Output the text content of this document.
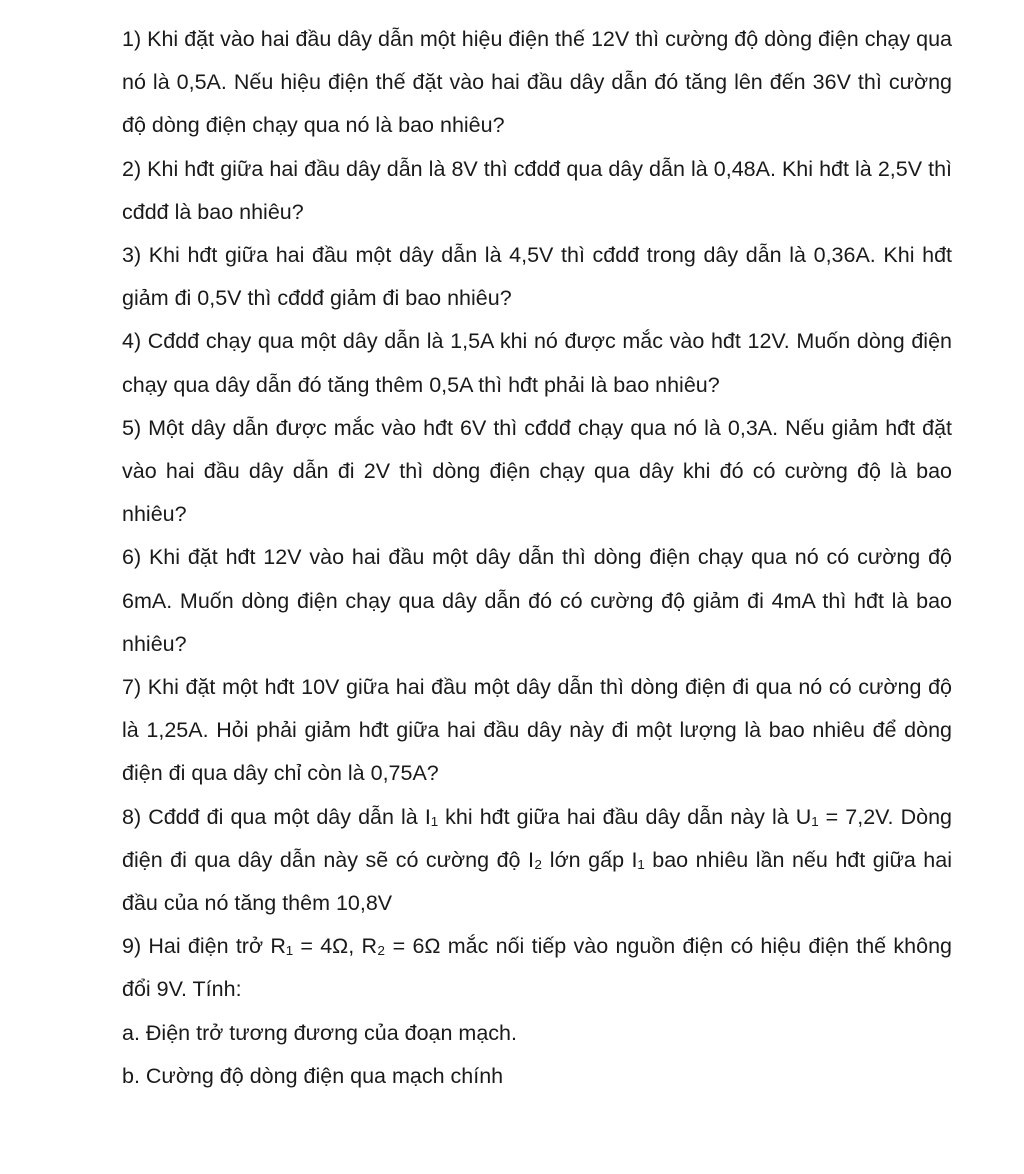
1) Khi đặt vào hai đầu dây dẫn một hiệu điện thế 12V thì cường độ dòng điện chạy qua nó là 0,5A. Nếu hiệu điện thế đặt vào hai đầu dây dẫn đó tăng lên đến 36V thì cường độ dòng điện chạy qua nó là bao nhiêu?

2) Khi hđt giữa hai đầu dây dẫn là 8V thì cđdđ qua dây dẫn là 0,48A. Khi hđt là 2,5V thì cđdđ là bao nhiêu?

3) Khi hđt giữa hai đầu một dây dẫn là 4,5V thì cđdđ trong dây dẫn là 0,36A. Khi hđt giảm đi 0,5V thì cđdđ giảm đi bao nhiêu?

4) Cđdđ chạy qua một dây dẫn là 1,5A khi nó được mắc vào hđt 12V. Muốn dòng điện chạy qua dây dẫn đó tăng thêm 0,5A thì hđt phải là bao nhiêu?

5) Một dây dẫn được mắc vào hđt 6V thì cđdđ chạy qua nó là 0,3A. Nếu giảm hđt đặt vào hai đầu dây dẫn đi 2V thì dòng điện chạy qua dây khi đó có cường độ là bao nhiêu?

6) Khi đặt hđt 12V vào hai đầu một dây dẫn thì dòng điện chạy qua nó có cường độ 6mA. Muốn dòng điện chạy qua dây dẫn đó có cường độ giảm đi 4mA thì hđt là bao nhiêu?

7) Khi đặt một hđt 10V giữa hai đầu một dây dẫn thì dòng điện đi qua nó có cường độ là 1,25A. Hỏi phải giảm hđt giữa hai đầu dây này đi một lượng là bao nhiêu để dòng điện đi qua dây chỉ còn là 0,75A?

8) Cđdđ đi qua một dây dẫn là I₁ khi hđt giữa hai đầu dây dẫn này là U₁ = 7,2V. Dòng điện đi qua dây dẫn này sẽ có cường độ I₂ lớn gấp I₁ bao nhiêu lần nếu hđt giữa hai đầu của nó tăng thêm 10,8V

9) Hai điện trở R₁ = 4Ω, R₂ = 6Ω mắc nối tiếp vào nguồn điện có hiệu điện thế không đổi 9V. Tính:

a. Điện trở tương đương của đoạn mạch.

b. Cường độ dòng điện qua mạch chính
